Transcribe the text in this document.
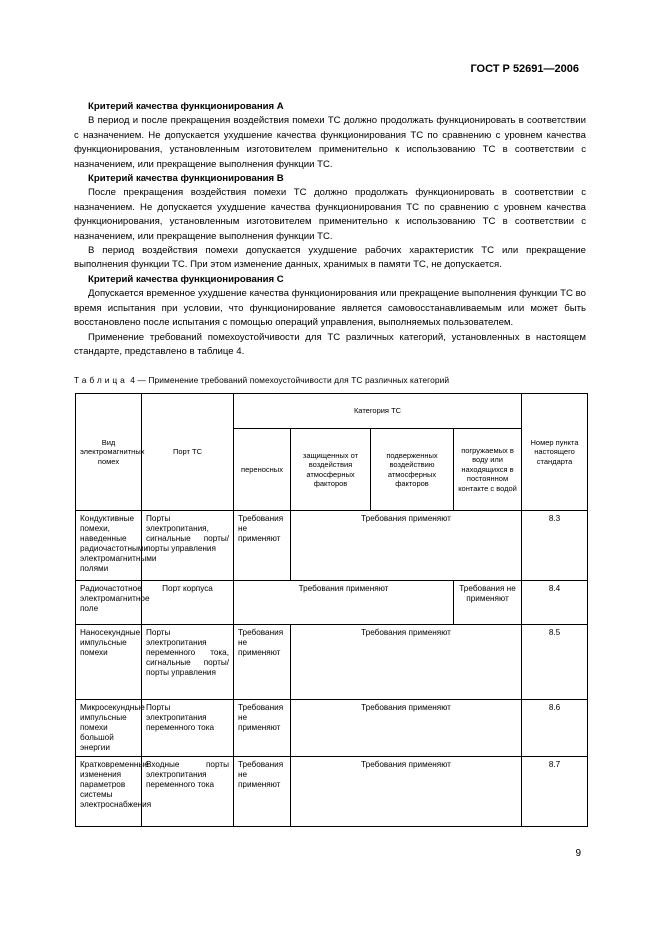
ГОСТ Р 52691—2006

Критерий качества функционирования А

В период и после прекращения воздействия помехи ТС должно продолжать функционировать в соответствии с назначением. Не допускается ухудшение качества функционирования ТС по сравнению с уровнем качества функционирования, установленным изготовителем применительно к использованию ТС в соответствии с назначением, или прекращение выполнения функции ТС.

Критерий качества функционирования В

После прекращения воздействия помехи ТС должно продолжать функционировать в соответствии с назначением. Не допускается ухудшение качества функционирования ТС по сравнению с уровнем качества функционирования, установленным изготовителем применительно к использованию ТС в соответствии с назначением, или прекращение выполнения функции ТС.

В период воздействия помехи допускается ухудшение рабочих характеристик ТС или прекращение выполнения функции ТС. При этом изменение данных, хранимых в памяти ТС, не допускается.

Критерий качества функционирования С

Допускается временное ухудшение качества функционирования или прекращение выполнения функции ТС во время испытания при условии, что функционирование является самовосстанавливаемым или может быть восстановлено после испытания с помощью операций управления, выполняемых пользователем.

Применение требований помехоустойчивости для ТС различных категорий, установленных в настоящем стандарте, представлено в таблице 4.

Таблица 4 — Применение требований помехоустойчивости для ТС различных категорий
Вид электромагнитных помех	Порт ТС	Категория ТС				Номер пункта настоящего стандарта
		переносных	защищенных от воздействия атмосферных факторов	подверженных воздействию атмосферных факторов	погружаемых в воду или находящихся в постоянном контакте с водой	
Кондуктивные помехи, наведенные радиочастотными электромагнитными полями	Порты электропитания, сигнальные порты/порты управления	Требования не применяют	Требования применяют			8.3
Радиочастотное электромагнитное поле	Порт корпуса	Требования применяют			Требования не применяют	8.4
Наносекундные импульсные помехи	Порты электропитания переменного тока, сигнальные порты/порты управления	Требования не применяют	Требования применяют			8.5
Микросекундные импульсные помехи большой энергии	Порты электропитания переменного тока	Требования не применяют	Требования применяют			8.6
Кратковременные изменения параметров системы электроснабжения	Входные порты электропитания переменного тока	Требования не применяют	Требования применяют			8.7
9
